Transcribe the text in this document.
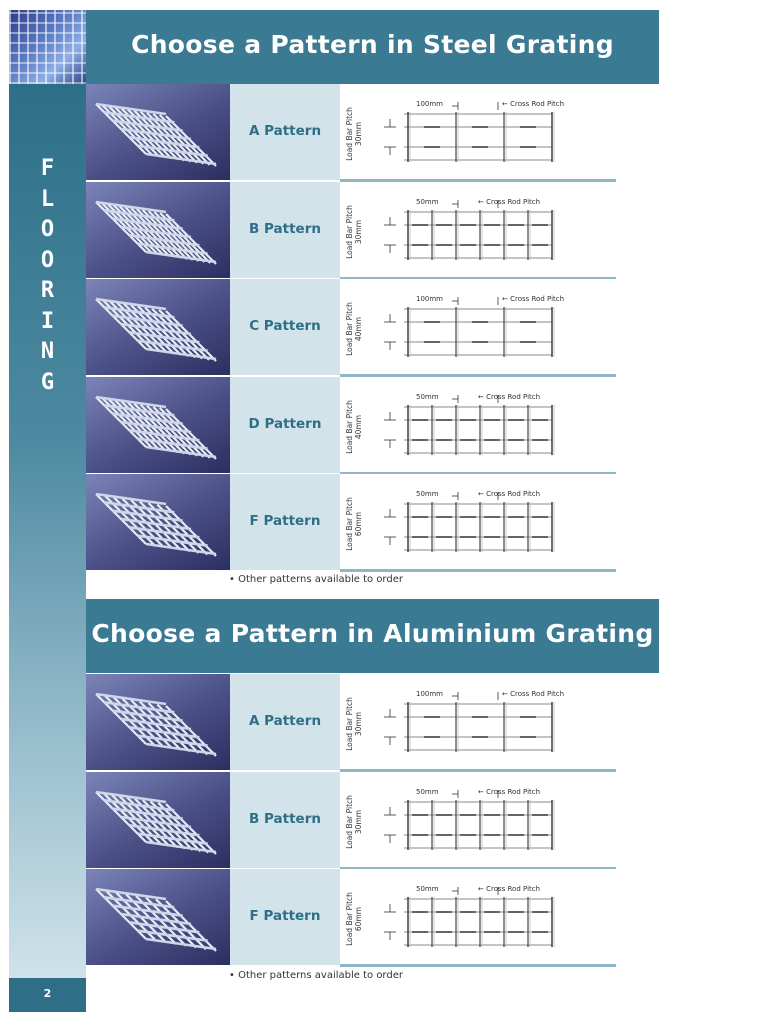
F
L
O
O
R
I
N
G
2
Choose a Pattern in Steel Grating
A Pattern	Load Bar Pitch
30mm
100mm	← Cross Rod Pitch
B Pattern	Load Bar Pitch
30mm
50mm	← Cross Rod Pitch
C Pattern	Load Bar Pitch
40mm
100mm	← Cross Rod Pitch
D Pattern	Load Bar Pitch
40mm
50mm	← Cross Rod Pitch
F Pattern	Load Bar Pitch
60mm
50mm	← Cross Rod Pitch
• Other patterns available to order
Choose a Pattern in Aluminium Grating
A Pattern	Load Bar Pitch
30mm
100mm	← Cross Rod Pitch
B Pattern	Load Bar Pitch
30mm
50mm	← Cross Rod Pitch
F Pattern	Load Bar Pitch
60mm
50mm	← Cross Rod Pitch
• Other patterns available to order
